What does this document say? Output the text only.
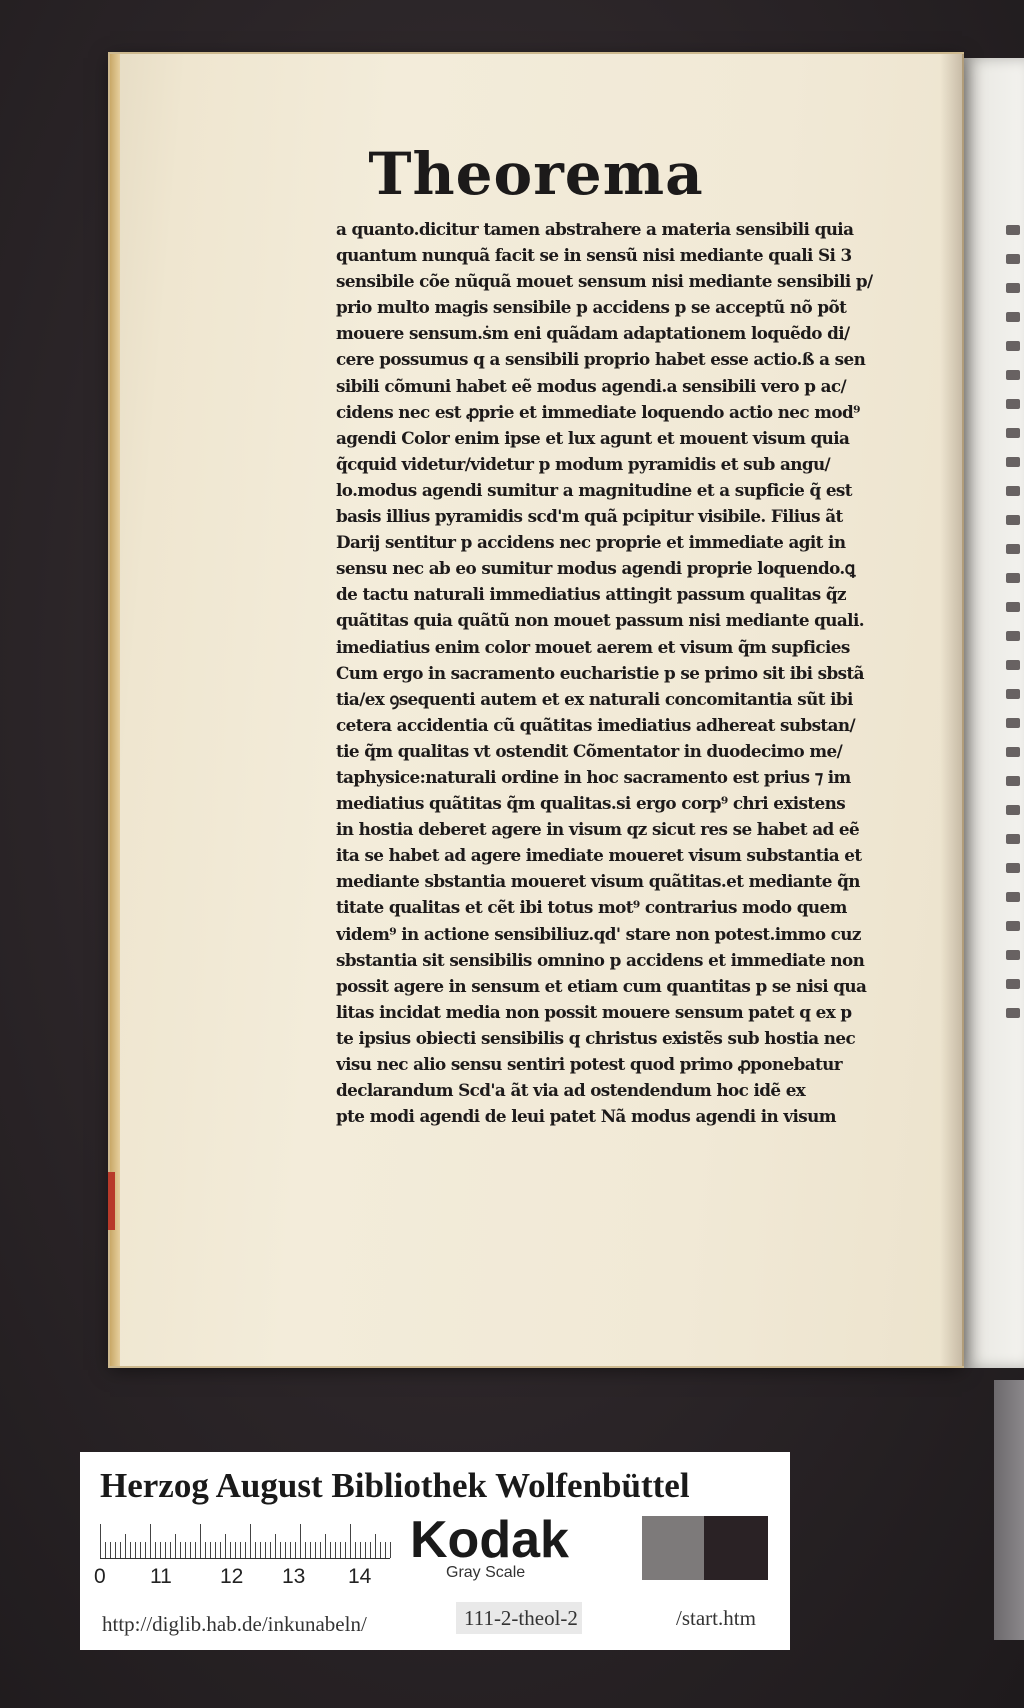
Theorema
a quanto.dicitur tamen abstrahere a materia sensibili quia
quantum nunquã facit se in sensũ nisi mediante quali Si 3
sensibile cõe nũquã mouet sensum nisi mediante sensibili p/
prio multo magis sensibile p accidens p se acceptũ nõ põt
mouere sensum.ṡm eni quãdam adaptationem loquẽdo di/
cere possumus q a sensibili proprio habet esse actio.ß a sen
sibili cõmuni habet eẽ modus agendi.a sensibili vero p ac/
cidens nec est ꝓprie et immediate loquendo actio nec mod⁹
agendi Color enim ipse et lux agunt et mouent visum quia
q̃cquid videtur/videtur p modum pyramidis et sub angu/
lo.modus agendi sumitur a magnitudine et a supficie q̃ est
basis illius pyramidis scd'm quã pcipitur visibile. Filius ãt
Darij sentitur p accidens nec proprie et immediate agit in
sensu nec ab eo sumitur modus agendi proprie loquendo.ꝗ
de tactu naturali immediatius attingit passum qualitas q̃z
quãtitas quia quãtũ non mouet passum nisi mediante quali.
imediatius enim color mouet aerem et visum q̃m supficies
Cum ergo in sacramento eucharistie p se primo sit ibi sbstã
tia/ex ꝯsequenti autem et ex naturali concomitantia sũt ibi
cetera accidentia cũ quãtitas imediatius adhereat substan/
tie q̃m qualitas vt ostendit Cõmentator in duodecimo me/
taphysice:naturali ordine in hoc sacramento est prius ⁊ im
mediatius quãtitas q̃m qualitas.si ergo corp⁹ chri existens
in hostia deberet agere in visum qz sicut res se habet ad eẽ
ita se habet ad agere imediate moueret visum substantia et
mediante sbstantia moueret visum quãtitas.et mediante q̃n
titate qualitas et cẽt ibi totus mot⁹ contrarius modo quem
videm⁹ in actione sensibiliuz.qd' stare non potest.immo cuz
sbstantia sit sensibilis omnino p accidens et immediate non
possit agere in sensum et etiam cum quantitas p se nisi qua
litas incidat media non possit mouere sensum patet q ex p
te ipsius obiecti sensibilis q christus existẽs sub hostia nec
visu nec alio sensu sentiri potest quod primo ꝓponebatur
declarandum Scd'a ãt via ad ostendendum hoc idẽ ex
pte modi agendi de leui patet Nã modus agendi in visum
Herzog August Bibliothek Wolfenbüttel
0 11 12 13 14
Kodak
Gray Scale
http://diglib.hab.de/inkunabeln/	111-2-theol-2	/start.htm
